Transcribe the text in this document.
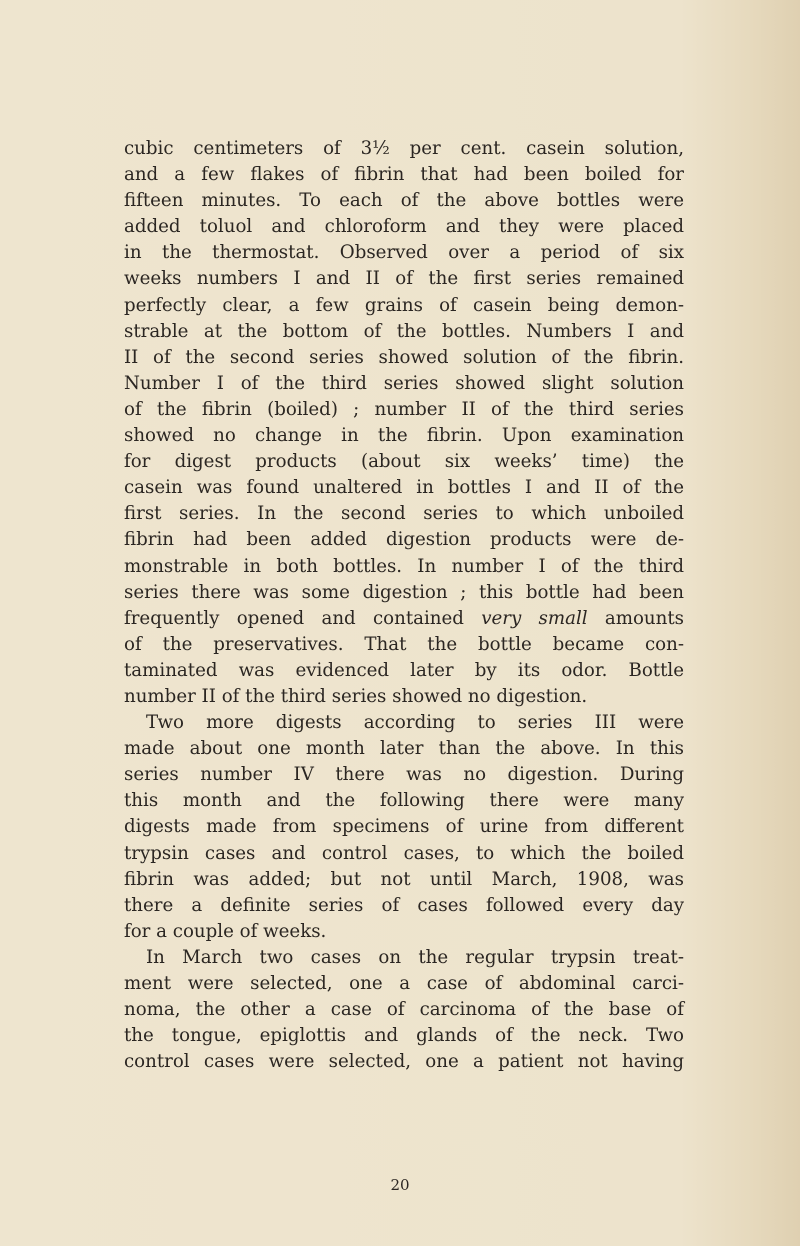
cubic centimeters of 3½ per cent. casein solution,
and a few flakes of fibrin that had been boiled for
fifteen minutes. To each of the above bottles were
added toluol and chloroform and they were placed
in the thermostat. Observed over a period of six
weeks numbers I and II of the first series remained
perfectly clear, a few grains of casein being demon-
strable at the bottom of the bottles. Numbers I and
II of the second series showed solution of the fibrin.
Number I of the third series showed slight solution
of the fibrin (boiled) ; number II of the third series
showed no change in the fibrin. Upon examination
for digest products (about six weeks’ time) the
casein was found unaltered in bottles I and II of the
first series. In the second series to which unboiled
fibrin had been added digestion products were de-
monstrable in both bottles. In number I of the third
series there was some digestion ; this bottle had been
frequently opened and contained very small amounts
of the preservatives. That the bottle became con-
taminated was evidenced later by its odor. Bottle
number II of the third series showed no digestion.
Two more digests according to series III were
made about one month later than the above. In this
series number IV there was no digestion. During
this month and the following there were many
digests made from specimens of urine from different
trypsin cases and control cases, to which the boiled
fibrin was added; but not until March, 1908, was
there a definite series of cases followed every day
for a couple of weeks.
In March two cases on the regular trypsin treat-
ment were selected, one a case of abdominal carci-
noma, the other a case of carcinoma of the base of
the tongue, epiglottis and glands of the neck. Two
control cases were selected, one a patient not having
20
